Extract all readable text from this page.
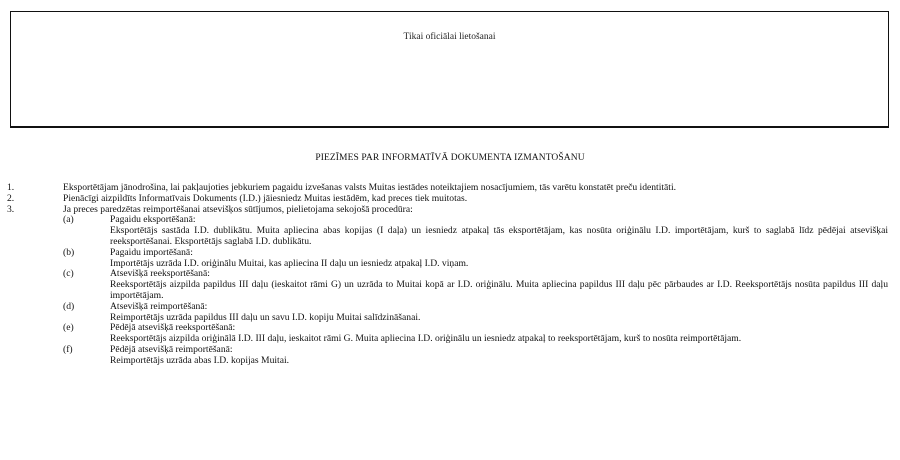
Tikai oficiālai lietošanai
PIEZĪMES PAR INFORMATĪVĀ DOKUMENTA IZMANTOŠANU
1.	Eksportētājam jānodrošina, lai pakļaujoties jebkuriem pagaidu izvešanas valsts Muitas iestādes noteiktajiem nosacījumiem, tās varētu konstatēt preču identitāti.
2.	Pienācīgi aizpildīts Informatīvais Dokuments (I.D.) jāiesniedz Muitas iestādēm, kad preces tiek muitotas.
3.	Ja preces paredzētas reimportēšanai atsevišķos sūtījumos, pielietojama sekojošā procedūra:
(a)	Pagaidu eksportēšanā:
Eksportētājs sastāda I.D. dublikātu. Muita apliecina abas kopijas (I daļa) un iesniedz atpakaļ tās eksportētājam, kas nosūta oriģinālu I.D. importētājam, kurš to saglabā līdz pēdējai atsevišķai reeksportēšanai. Eksportētājs saglabā I.D. dublikātu.
(b)	Pagaidu importēšanā:
Importētājs uzrāda I.D. oriģinālu Muitai, kas apliecina II daļu un iesniedz atpakaļ I.D. viņam.
(c)	Atsevišķā reeksportēšanā:
Reeksportētājs aizpilda papildus III daļu (ieskaitot rāmi G) un uzrāda to Muitai kopā ar I.D. oriģinālu. Muita apliecina papildus III daļu pēc pārbaudes ar I.D. Reeksportētājs nosūta papildus III daļu importētājam.
(d)	Atsevišķā reimportēšanā:
Reimportētājs uzrāda papildus III daļu un savu I.D. kopiju Muitai salīdzināšanai.
(e)	Pēdējā atsevišķā reeksportēšanā:
Reeksportētājs aizpilda oriģinālā I.D. III daļu, ieskaitot rāmi G. Muita apliecina I.D. oriģinālu un iesniedz atpakaļ to reeksportētājam, kurš to nosūta reimportētājam.
(f)	Pēdējā atsevišķā reimportēšanā:
Reimportētājs uzrāda abas I.D. kopijas Muitai.
